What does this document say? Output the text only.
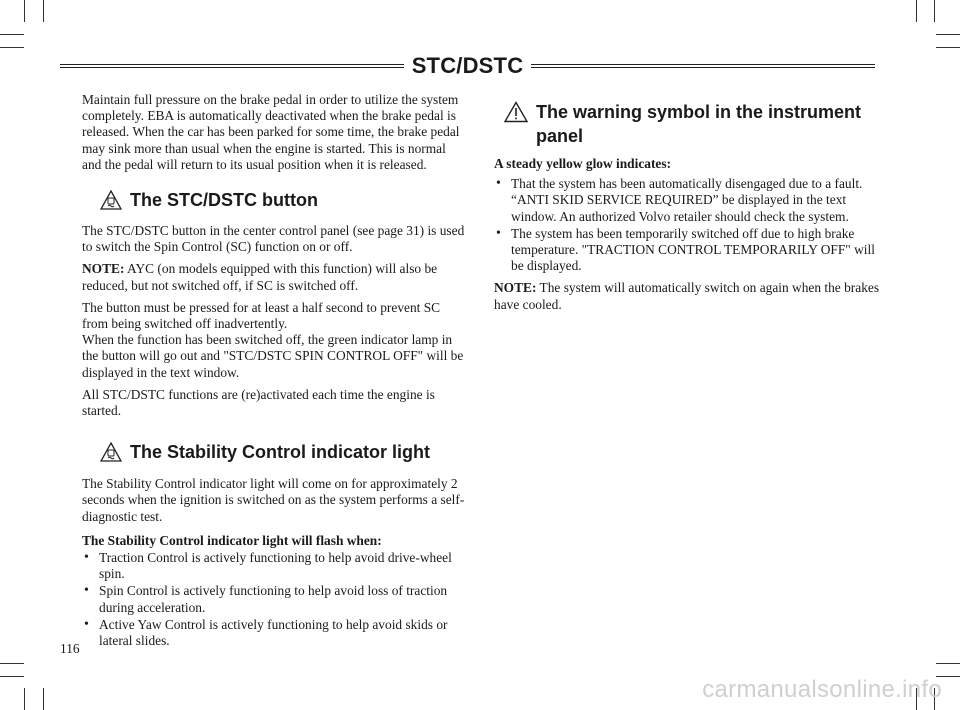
STC/DSTC

Maintain full pressure on the brake pedal in order to utilize the system completely. EBA is automatically deactivated when the brake pedal is released. When the car has been parked for some time, the brake pedal may sink more than usual when the engine is started. This is normal and the pedal will return to its usual position when it is released.

The STC/DSTC button

The STC/DSTC button in the center control panel (see page 31) is used to switch the Spin Control (SC) function on or off.

NOTE: AYC (on models equipped with this function) will also be reduced, but not switched off, if SC is switched off.

The button must be pressed for at least a half second to prevent SC from being switched off inadvertently.

When the function has been switched off, the green indicator lamp in the button will go out and "STC/DSTC SPIN CONTROL OFF" will be displayed in the text window.

All STC/DSTC functions are (re)activated each time the engine is started.

The Stability Control indicator light

The Stability Control indicator light will come on for approximately 2 seconds when the ignition is switched on as the system performs a self-diagnostic test.

The Stability Control indicator light will flash when:

• Traction Control is actively functioning to help avoid drive-wheel spin.
• Spin Control is actively functioning to help avoid loss of traction during acceleration.
• Active Yaw Control is actively functioning to help avoid skids or lateral slides.
The warning symbol in the instrument panel

A steady yellow glow indicates:

• That the system has been automatically disengaged due to a fault. “ANTI SKID SERVICE REQUIRED” be displayed in the text window. An authorized Volvo retailer should check the system.
• The system has been temporarily switched off due to high brake temperature. "TRACTION CONTROL TEMPORARILY OFF" will be displayed.

NOTE: The system will automatically switch on again when the brakes have cooled.

116
carmanualsonline.info
